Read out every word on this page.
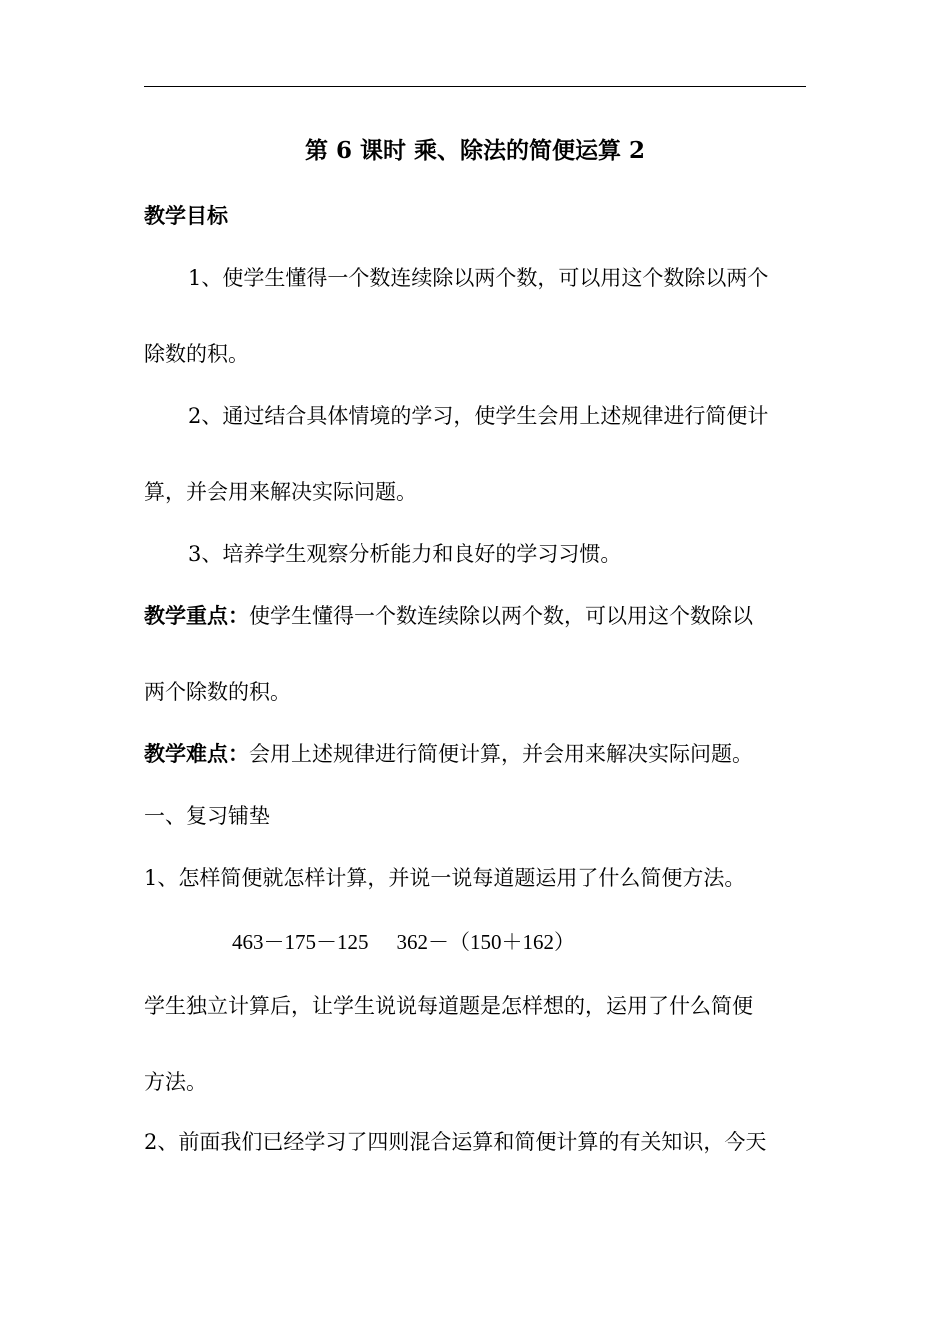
第 6 课时 乘、除法的简便运算 2
教学目标
1、使学生懂得一个数连续除以两个数，可以用这个数除以两个
除数的积。
2、通过结合具体情境的学习，使学生会用上述规律进行简便计
算，并会用来解决实际问题。
3、培养学生观察分析能力和良好的学习习惯。
教学重点：使学生懂得一个数连续除以两个数，可以用这个数除以
两个除数的积。
教学难点：会用上述规律进行简便计算，并会用来解决实际问题。
一、复习铺垫
1、怎样简便就怎样计算，并说一说每道题运用了什么简便方法。
463－175－125 362－（150＋162）
学生独立计算后，让学生说说每道题是怎样想的，运用了什么简便
方法。
2、前面我们已经学习了四则混合运算和简便计算的有关知识，今天
